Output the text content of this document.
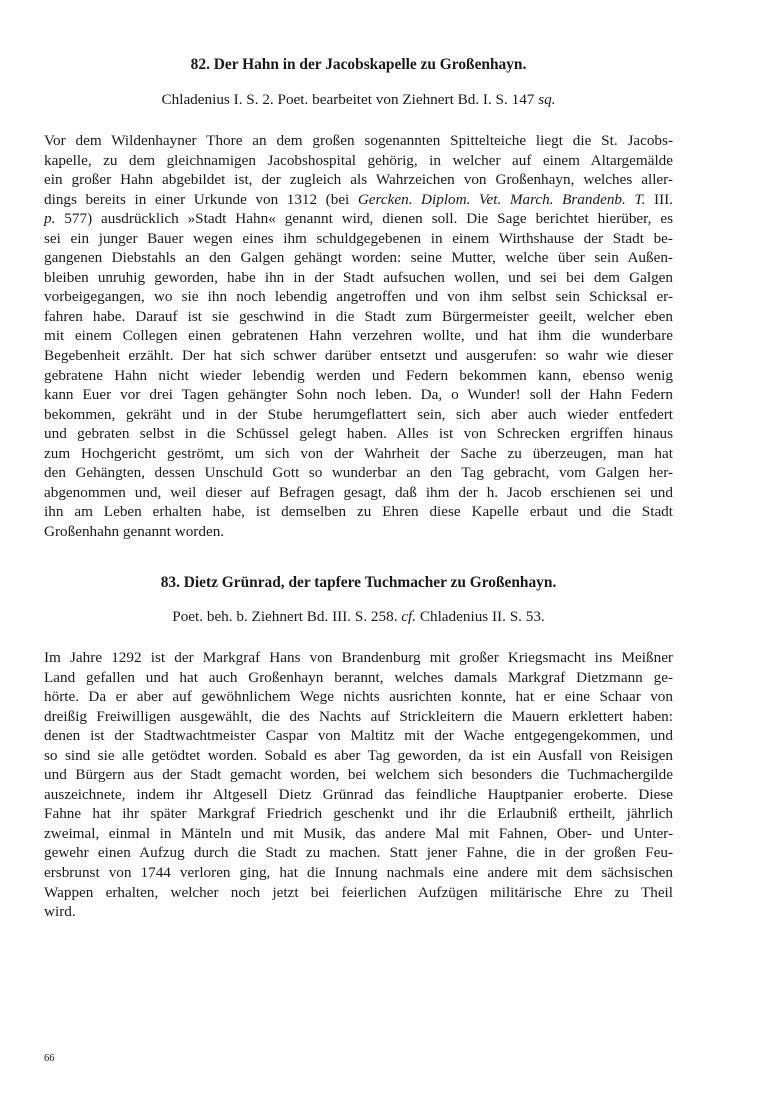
82. Der Hahn in der Jacobskapelle zu Großenhayn.
Chladenius I. S. 2. Poet. bearbeitet von Ziehnert Bd. I. S. 147 sq.
Vor dem Wildenhayner Thore an dem großen sogenannten Spittelteiche liegt die St. Jacobs-
kapelle, zu dem gleichnamigen Jacobshospital gehörig, in welcher auf einem Altargemälde
ein großer Hahn abgebildet ist, der zugleich als Wahrzeichen von Großenhayn, welches aller-
dings bereits in einer Urkunde von 1312 (bei Gercken. Diplom. Vet. March. Brandenb. T. III.
p. 577) ausdrücklich »Stadt Hahn« genannt wird, dienen soll. Die Sage berichtet hierüber, es
sei ein junger Bauer wegen eines ihm schuldgegebenen in einem Wirthshause der Stadt be-
gangenen Diebstahls an den Galgen gehängt worden: seine Mutter, welche über sein Außen-
bleiben unruhig geworden, habe ihn in der Stadt aufsuchen wollen, und sei bei dem Galgen
vorbeigegangen, wo sie ihn noch lebendig angetroffen und von ihm selbst sein Schicksal er-
fahren habe. Darauf ist sie geschwind in die Stadt zum Bürgermeister geeilt, welcher eben
mit einem Collegen einen gebratenen Hahn verzehren wollte, und hat ihm die wunderbare
Begebenheit erzählt. Der hat sich schwer darüber entsetzt und ausgerufen: so wahr wie dieser
gebratene Hahn nicht wieder lebendig werden und Federn bekommen kann, ebenso wenig
kann Euer vor drei Tagen gehängter Sohn noch leben. Da, o Wunder! soll der Hahn Federn
bekommen, gekräht und in der Stube herumgeflattert sein, sich aber auch wieder entfedert
und gebraten selbst in die Schüssel gelegt haben. Alles ist von Schrecken ergriffen hinaus
zum Hochgericht geströmt, um sich von der Wahrheit der Sache zu überzeugen, man hat
den Gehängten, dessen Unschuld Gott so wunderbar an den Tag gebracht, vom Galgen her-
abgenommen und, weil dieser auf Befragen gesagt, daß ihm der h. Jacob erschienen sei und
ihn am Leben erhalten habe, ist demselben zu Ehren diese Kapelle erbaut und die Stadt
Großenhahn genannt worden.
83. Dietz Grünrad, der tapfere Tuchmacher zu Großenhayn.
Poet. beh. b. Ziehnert Bd. III. S. 258. cf. Chladenius II. S. 53.
Im Jahre 1292 ist der Markgraf Hans von Brandenburg mit großer Kriegsmacht ins Meißner
Land gefallen und hat auch Großenhayn berannt, welches damals Markgraf Dietzmann ge-
hörte. Da er aber auf gewöhnlichem Wege nichts ausrichten konnte, hat er eine Schaar von
dreißig Freiwilligen ausgewählt, die des Nachts auf Strickleitern die Mauern erklettert haben:
denen ist der Stadtwachtmeister Caspar von Maltitz mit der Wache entgegengekommen, und
so sind sie alle getödtet worden. Sobald es aber Tag geworden, da ist ein Ausfall von Reisigen
und Bürgern aus der Stadt gemacht worden, bei welchem sich besonders die Tuchmachergilde
auszeichnete, indem ihr Altgesell Dietz Grünrad das feindliche Hauptpanier eroberte. Diese
Fahne hat ihr später Markgraf Friedrich geschenkt und ihr die Erlaubniß ertheilt, jährlich
zweimal, einmal in Mänteln und mit Musik, das andere Mal mit Fahnen, Ober- und Unter-
gewehr einen Aufzug durch die Stadt zu machen. Statt jener Fahne, die in der großen Feu-
ersbrunst von 1744 verloren ging, hat die Innung nachmals eine andere mit dem sächsischen
Wappen erhalten, welcher noch jetzt bei feierlichen Aufzügen militärische Ehre zu Theil
wird.
66
